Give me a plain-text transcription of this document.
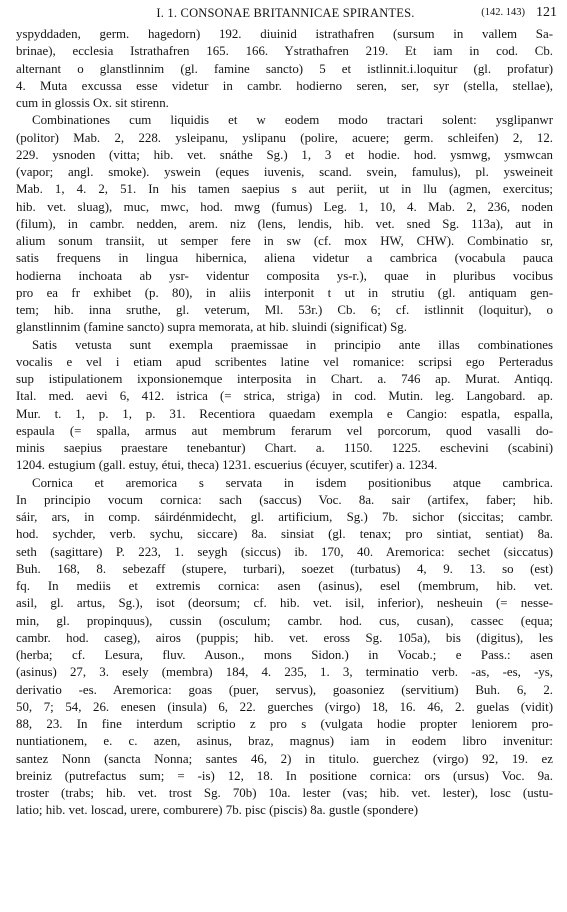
I. 1. CONSONAE BRITANNICAE SPIRANTES.	(142. 143) 121
yspyddaden, germ. hagedorn) 192. diuinid istrathafren (sursum in vallem Sa-
brinae), ecclesia Istrathafren 165. 166. Ystrathafren 219. Et iam in cod. Cb.
alternant o glanstlinnim (gl. famine sancto) 5 et istlinnit.i.loquitur (gl. profatur)
4. Muta excussa esse videtur in cambr. hodierno seren, ser, syr (stella, stellae),
cum in glossis Ox. sit stirenn.
Combinationes cum liquidis et w eodem modo tractari solent: ysglipanwr
(politor) Mab. 2, 228. ysleipanu, yslipanu (polire, acuere; germ. schleifen) 2, 12.
229. ysnoden (vitta; hib. vet. snáthe Sg.) 1, 3 et hodie. hod. ysmwg, ysmwcan
(vapor; angl. smoke). yswein (eques iuvenis, scand. svein, famulus), pl. ysweineit
Mab. 1, 4. 2, 51. In his tamen saepius s aut periit, ut in llu (agmen, exercitus;
hib. vet. sluag), muc, mwc, hod. mwg (fumus) Leg. 1, 10, 4. Mab. 2, 236, noden
(filum), in cambr. nedden, arem. niz (lens, lendis, hib. vet. sned Sg. 113a), aut in
alium sonum transiit, ut semper fere in sw (cf. mox HW, CHW). Combinatio sr,
satis frequens in lingua hibernica, aliena videtur a cambrica (vocabula pauca
hodierna inchoata ab ysr- videntur composita ys-r.), quae in pluribus vocibus
pro ea fr exhibet (p. 80), in aliis interponit t ut in strutiu (gl. antiquam gen-
tem; hib. inna sruthe, gl. veterum, Ml. 53r.) Cb. 6; cf. istlinnit (loquitur), o
glanstlinnim (famine sancto) supra memorata, at hib. sluindi (significat) Sg.
Satis vetusta sunt exempla praemissae in principio ante illas combinationes
vocalis e vel i etiam apud scribentes latine vel romanice: scripsi ego Perteradus
sup istipulationem ixponsionemque interposita in Chart. a. 746 ap. Murat. Antiqq.
Ital. med. aevi 6, 412. istrica (= strica, striga) in cod. Mutin. leg. Langobard. ap.
Mur. t. 1, p. 1, p. 31. Recentiora quaedam exempla e Cangio: espatla, espalla,
espaula (= spalla, armus aut membrum ferarum vel porcorum, quod vasalli do-
minis saepius praestare tenebantur) Chart. a. 1150. 1225. eschevini (scabini)
1204. estugium (gall. estuy, étui, theca) 1231. escuerius (écuyer, scutifer) a. 1234.
Cornica et aremorica s servata in isdem positionibus atque cambrica.
In principio vocum cornica: sach (saccus) Voc. 8a. sair (artifex, faber; hib.
sáir, ars, in comp. sáirdénmidecht, gl. artificium, Sg.) 7b. sichor (siccitas; cambr.
hod. sychder, verb. sychu, siccare) 8a. sinsiat (gl. tenax; pro sintiat, sentiat) 8a.
seth (sagittare) P. 223, 1. seygh (siccus) ib. 170, 40. Aremorica: sechet (siccatus)
Buh. 168, 8. sebezaff (stupere, turbari), soezet (turbatus) 4, 9. 13. so (est)
fq. In mediis et extremis cornica: asen (asinus), esel (membrum, hib. vet.
asil, gl. artus, Sg.), isot (deorsum; cf. hib. vet. isil, inferior), nesheuin (= nesse-
min, gl. propinquus), cussin (osculum; cambr. hod. cus, cusan), cassec (equa;
cambr. hod. caseg), airos (puppis; hib. vet. eross Sg. 105a), bis (digitus), les
(herba; cf. Lesura, fluv. Auson., mons Sidon.) in Vocab.; e Pass.: asen
(asinus) 27, 3. esely (membra) 184, 4. 235, 1. 3, terminatio verb. -as, -es, -ys,
derivatio -es. Aremorica: goas (puer, servus), goasoniez (servitium) Buh. 6, 2.
50, 7; 54, 26. enesen (insula) 6, 22. guerches (virgo) 18, 16. 46, 2. guelas (vidit)
88, 23. In fine interdum scriptio z pro s (vulgata hodie propter leniorem pro-
nuntiationem, e. c. azen, asinus, braz, magnus) iam in eodem libro invenitur:
santez Nonn (sancta Nonna; santes 46, 2) in titulo. guerchez (virgo) 92, 19. ez
breiniz (putrefactus sum; = -is) 12, 18. In positione cornica: ors (ursus) Voc. 9a.
troster (trabs; hib. vet. trost Sg. 70b) 10a. lester (vas; hib. vet. lester), losc (ustu-
latio; hib. vet. loscad, urere, comburere) 7b. pisc (piscis) 8a. gustle (spondere)
